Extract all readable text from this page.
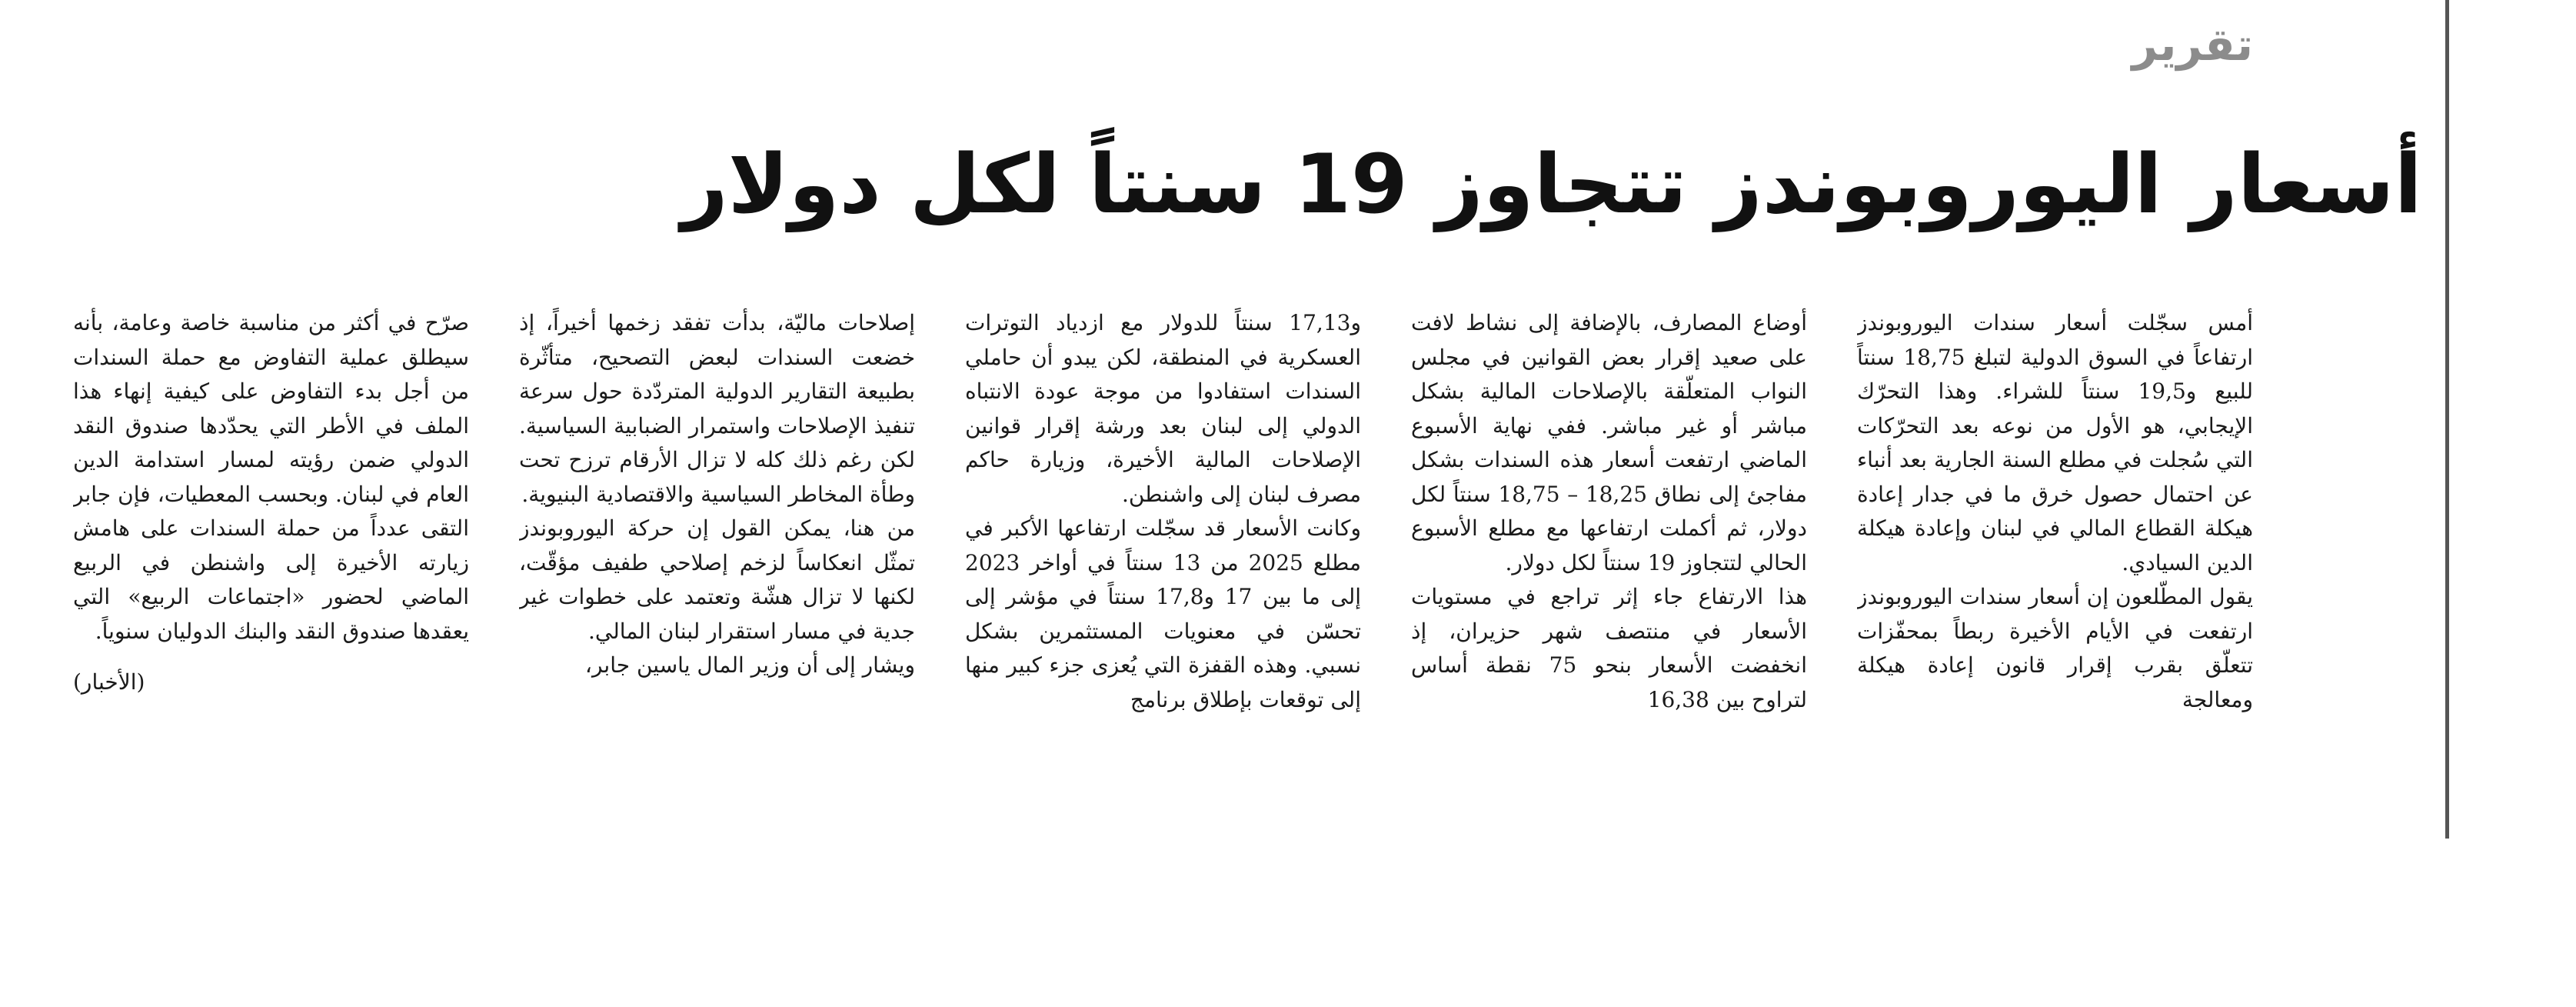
تقرير
أسعار اليوروبوندز تتجاوز 19 سنتاً لكل دولار

أمس سجّلت أسعار سندات اليوروبوندز ارتفاعاً في السوق الدولية لتبلغ 18,75 سنتاً للبيع و19,5 سنتاً للشراء. وهذا التحرّك الإيجابي، هو الأول من نوعه بعد التحرّكات التي سُجلت في مطلع السنة الجارية بعد أنباء عن احتمال حصول خرق ما في جدار إعادة هيكلة القطاع المالي في لبنان وإعادة هيكلة الدين السيادي.

يقول المطّلعون إن أسعار سندات اليوروبوندز ارتفعت في الأيام الأخيرة ربطاً بمحفّزات تتعلّق بقرب إقرار قانون إعادة هيكلة ومعالجة

أوضاع المصارف، بالإضافة إلى نشاط لافت على صعيد إقرار بعض القوانين في مجلس النواب المتعلّقة بالإصلاحات المالية بشكل مباشر أو غير مباشر. ففي نهاية الأسبوع الماضي ارتفعت أسعار هذه السندات بشكل مفاجئ إلى نطاق 18,25 – 18,75 سنتاً لكل دولار، ثم أكملت ارتفاعها مع مطلع الأسبوع الحالي لتتجاوز 19 سنتاً لكل دولار.

هذا الارتفاع جاء إثر تراجع في مستويات الأسعار في منتصف شهر حزيران، إذ انخفضت الأسعار بنحو 75 نقطة أساس لتراوح بين 16,38

و17,13 سنتاً للدولار مع ازدياد التوترات العسكرية في المنطقة، لكن يبدو أن حاملي السندات استفادوا من موجة عودة الانتباه الدولي إلى لبنان بعد ورشة إقرار قوانين الإصلاحات المالية الأخيرة، وزيارة حاكم مصرف لبنان إلى واشنطن.

وكانت الأسعار قد سجّلت ارتفاعها الأكبر في مطلع 2025 من 13 سنتاً في أواخر 2023 إلى ما بين 17 و17,8 سنتاً في مؤشر إلى تحسّن في معنويات المستثمرين بشكل نسبي. وهذه القفزة التي يُعزى جزء كبير منها إلى توقعات بإطلاق برنامج

إصلاحات ماليّة، بدأت تفقد زخمها أخيراً، إذ خضعت السندات لبعض التصحيح، متأثّرة بطبيعة التقارير الدولية المتردّدة حول سرعة تنفيذ الإصلاحات واستمرار الضبابية السياسية. لكن رغم ذلك كله لا تزال الأرقام ترزح تحت وطأة المخاطر السياسية والاقتصادية البنيوية.

من هنا، يمكن القول إن حركة اليوروبوندز تمثّل انعكاساً لزخم إصلاحي طفيف مؤقّت، لكنها لا تزال هشّة وتعتمد على خطوات غير جدية في مسار استقرار لبنان المالي.

ويشار إلى أن وزير المال ياسين جابر،

صرّح في أكثر من مناسبة خاصة وعامة، بأنه سيطلق عملية التفاوض مع حملة السندات من أجل بدء التفاوض على كيفية إنهاء هذا الملف في الأطر التي يحدّدها صندوق النقد الدولي ضمن رؤيته لمسار استدامة الدين العام في لبنان. وبحسب المعطيات، فإن جابر التقى عدداً من حملة السندات على هامش زيارته الأخيرة إلى واشنطن في الربيع الماضي لحضور «اجتماعات الربيع» التي يعقدها صندوق النقد والبنك الدوليان سنوياً.

(الأخبار)
